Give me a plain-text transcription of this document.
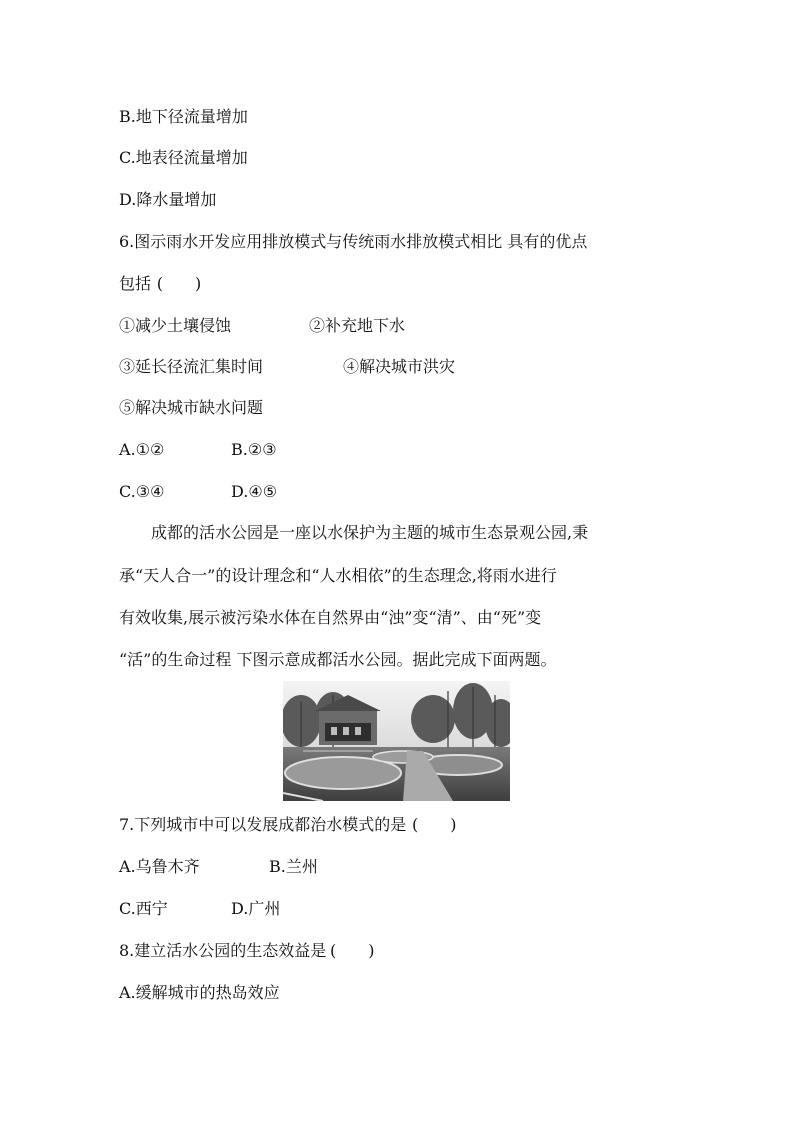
B.地下径流量增加
C.地表径流量增加
D.降水量增加
6.图示雨水开发应用排放模式与传统雨水排放模式相比 具有的优点
包括 (　　)
①减少土壤侵蚀	②补充地下水
③延长径流汇集时间	④解决城市洪灾
⑤解决城市缺水问题
A.①②	B.②③
C.③④	D.④⑤
成都的活水公园是一座以水保护为主题的城市生态景观公园,秉
承“天人合一”的设计理念和“人水相依”的生态理念,将雨水进行
有效收集,展示被污染水体在自然界由“浊”变“清”、由“死”变
“活”的生命过程 下图示意成都活水公园。据此完成下面两题。
7.下列城市中可以发展成都治水模式的是 (　　)
A.乌鲁木齐	B.兰州
C.西宁	D.广州
8.建立活水公园的生态效益是 (　　)
A.缓解城市的热岛效应
